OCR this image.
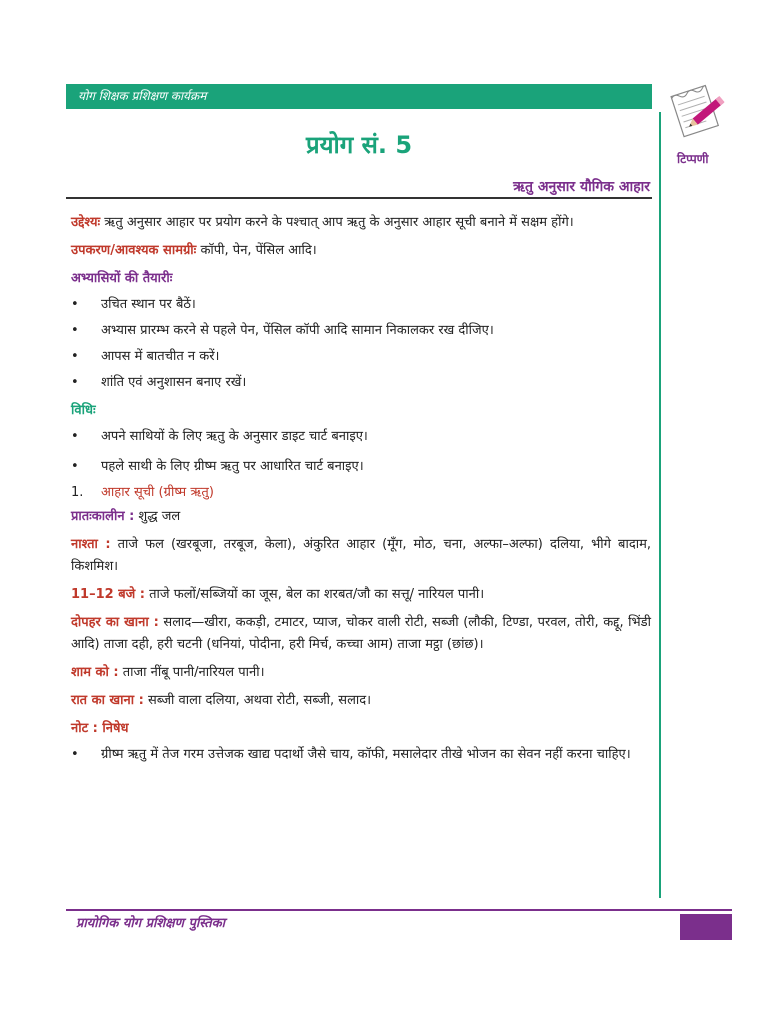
योग शिक्षक प्रशिक्षण कार्यक्रम
टिप्पणी
प्रयोग सं. 5
ऋतु अनुसार यौगिक आहार

उद्देश्यः ऋतु अनुसार आहार पर प्रयोग करने के पश्चात् आप ऋतु के अनुसार आहार सूची बनाने में सक्षम होंगे।

उपकरण/आवश्यक सामग्रीः कॉपी, पेन, पेंसिल आदि।

अभ्यासियों की तैयारीः
• उचित स्थान पर बैठें।
• अभ्यास प्रारम्भ करने से पहले पेन, पेंसिल कॉपी आदि सामान निकालकर रख दीजिए।
• आपस में बातचीत न करें।
• शांति एवं अनुशासन बनाए रखें।
विधिः
• अपने साथियों के लिए ऋतु के अनुसार डाइट चार्ट बनाइए।
• पहले साथी के लिए ग्रीष्म ऋतु पर आधारित चार्ट बनाइए।
1. आहार सूची (ग्रीष्म ऋतु)

प्रातःकालीन : शुद्ध जल

नाश्ता : ताजे फल (खरबूजा, तरबूज, केला), अंकुरित आहार (मूँग, मोठ, चना, अल्फा–अल्फा) दलिया, भीगे बादाम, किशमिश।

11–12 बजे : ताजे फलों/सब्जियों का जूस, बेल का शरबत/जौ का सत्तू/ नारियल पानी।

दोपहर का खाना : सलाद—खीरा, ककड़ी, टमाटर, प्याज, चोकर वाली रोटी, सब्जी (लौकी, टिण्डा, परवल, तोरी, कद्दू, भिंडी आदि) ताजा दही, हरी चटनी (धनियां, पोदीना, हरी मिर्च, कच्चा आम) ताजा मट्ठा (छांछ)।

शाम को : ताजा नींबू पानी/नारियल पानी।

रात का खाना : सब्जी वाला दलिया, अथवा रोटी, सब्जी, सलाद।

नोट : निषेध
• ग्रीष्म ऋतु में तेज गरम उत्तेजक खाद्य पदार्थो जैसे चाय, कॉफी, मसालेदार तीखे भोजन का सेवन नहीं करना चाहिए।
प्रायोगिक योग प्रशिक्षण पुस्तिका
